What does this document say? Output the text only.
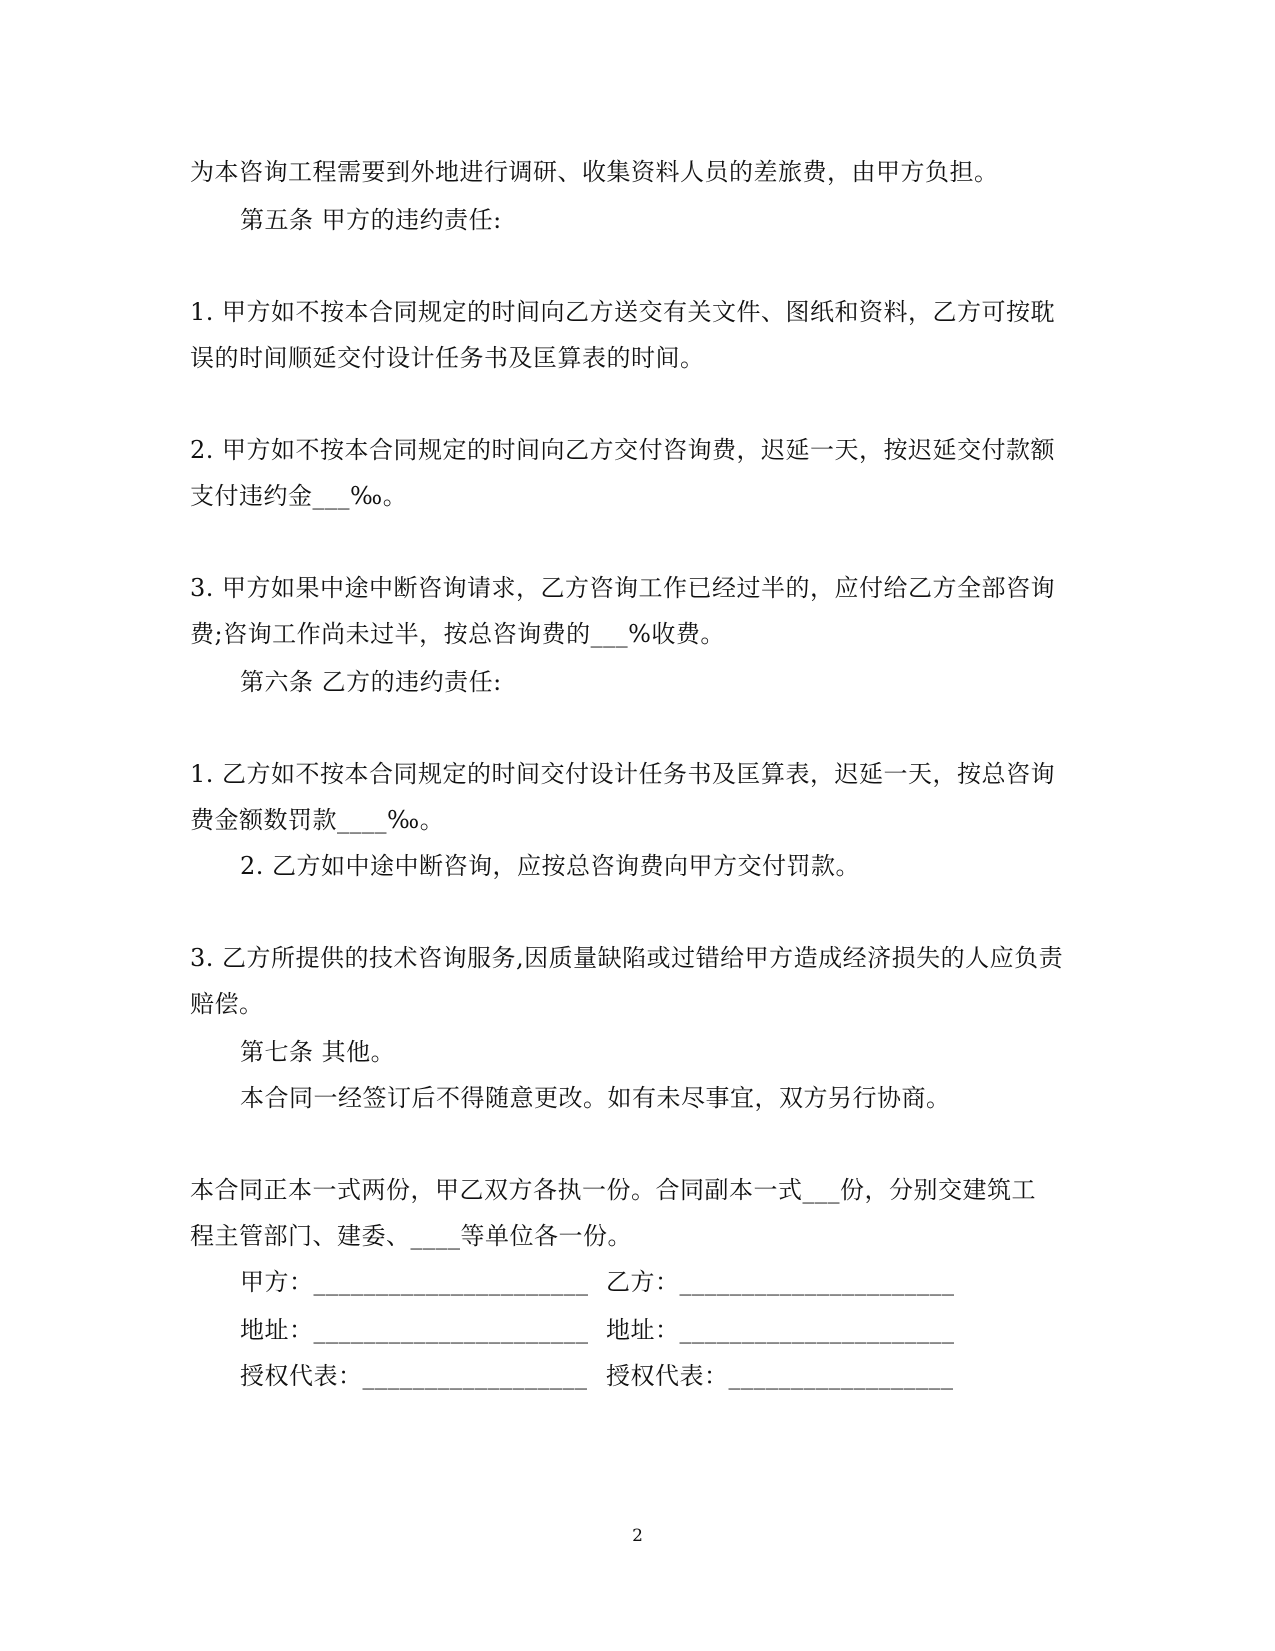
为本咨询工程需要到外地进行调研、收集资料人员的差旅费，由甲方负担。
第五条 甲方的违约责任:
1. 甲方如不按本合同规定的时间向乙方送交有关文件、图纸和资料，乙方可按耽
误的时间顺延交付设计任务书及匡算表的时间。
2. 甲方如不按本合同规定的时间向乙方交付咨询费，迟延一天，按迟延交付款额
支付违约金___‰。
3. 甲方如果中途中断咨询请求，乙方咨询工作已经过半的，应付给乙方全部咨询
费;咨询工作尚未过半，按总咨询费的___%收费。
第六条 乙方的违约责任:
1. 乙方如不按本合同规定的时间交付设计任务书及匡算表，迟延一天，按总咨询
费金额数罚款____‰。
2. 乙方如中途中断咨询，应按总咨询费向甲方交付罚款。
3. 乙方所提供的技术咨询服务,因质量缺陷或过错给甲方造成经济损失的人应负责
赔偿。
第七条 其他。
本合同一经签订后不得随意更改。如有未尽事宜，双方另行协商。
本合同正本一式两份，甲乙双方各执一份。合同副本一式___份，分别交建筑工
程主管部门、建委、____等单位各一份。
甲方：______________________ 乙方：______________________
地址：______________________ 地址：______________________
授权代表：__________________ 授权代表：__________________
2
